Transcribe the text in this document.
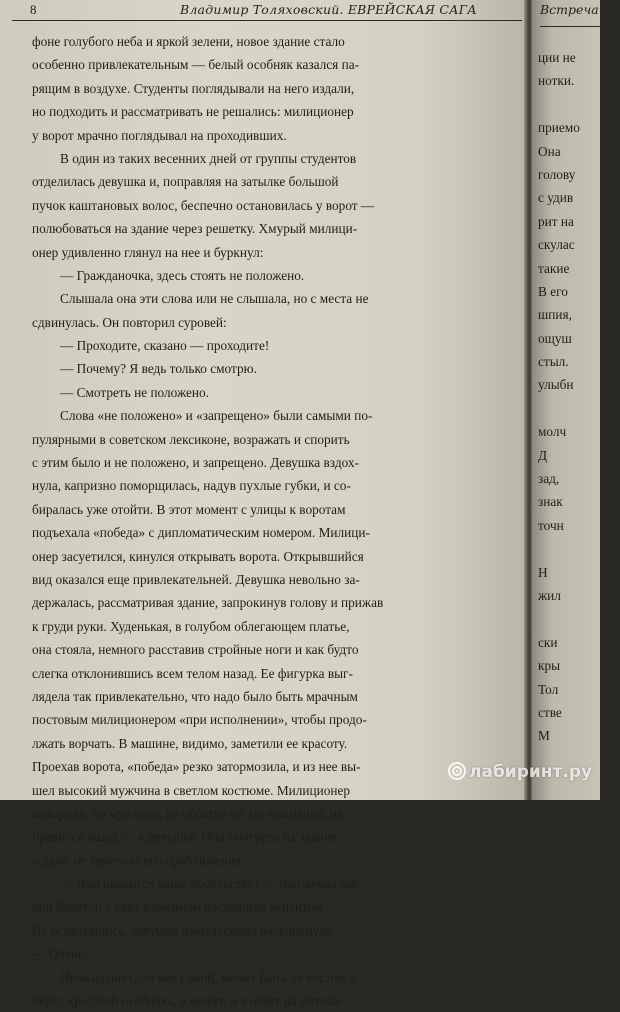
8	Владимир Толяховский. ЕВРЕЙСКАЯ САГА
фоне голубого неба и яркой зелени, новое здание стало
особенно привлекательным — белый особняк казался па-
рящим в воздухе. Студенты поглядывали на него издали,
но подходить и рассматривать не решались: милиционер
у ворот мрачно поглядывал на проходивших.
В один из таких весенних дней от группы студентов
отделилась девушка и, поправляя на затылке большой
пучок каштановых волос, беспечно остановилась у ворот —
полюбоваться на здание через решетку. Хмурый милици-
онер удивленно глянул на нее и буркнул:
— Гражданочка, здесь стоять не положено.
Слышала она эти слова или не слышала, но с места не
сдвинулась. Он повторил суровей:
— Проходите, сказано — проходите!
— Почему? Я ведь только смотрю.
— Смотреть не положено.
Слова «не положено» и «запрещено» были самыми по-
пулярными в советском лексиконе, возражать и спорить
с этим было и не положено, и запрещено. Девушка вздох-
нула, капризно поморщилась, надув пухлые губки, и со-
биралась уже отойти. В этот момент с улицы к воротам
подъехала «победа» с дипломатическим номером. Милици-
онер засуетился, кинулся открывать ворота. Открывшийся
вид оказался еще привлекательней. Девушка невольно за-
держалась, рассматривая здание, запрокинув голову и прижав
к груди руки. Худенькая, в голубом облегающем платье,
она стояла, немного расставив стройные ноги и как будто
слегка отклонившись всем телом назад. Ее фигурка выг-
лядела так привлекательно, что надо было быть мрачным
постовым милиционером «при исполнении», чтобы продо-
лжать ворчать. В машине, видимо, заметили ее красоту.
Проехав ворота, «победа» резко затормозила, и из нее вы-
шел высокий мужчина в светлом костюме. Милиционер
козырнул, но мужчина, не обратив на это внимания, на-
правился назад — к девушке. Она смотрела на здание
и даже не заметила его приближения.
— Вам нравится наше посольство? — прозвучал мяг-
кий баритон с едва уловимым восточным акцентом.
Не оглянувшись, девушка импульсивно воскликнула:
— Очень!
Неожиданно для нее самой, может быть от восторга
перед красотой особняка, а может, и в ответ на интона-
Встреча
ции не
нотки.
приемо
Она
голову
с удив
рит на
скулас
такие
В его
шпия,
ощуш
стыл.
улыбн
молч
Д
зад,
знак
точн
Н
жил
ски
кры
Тол
стве
М
лабиринт.ру
